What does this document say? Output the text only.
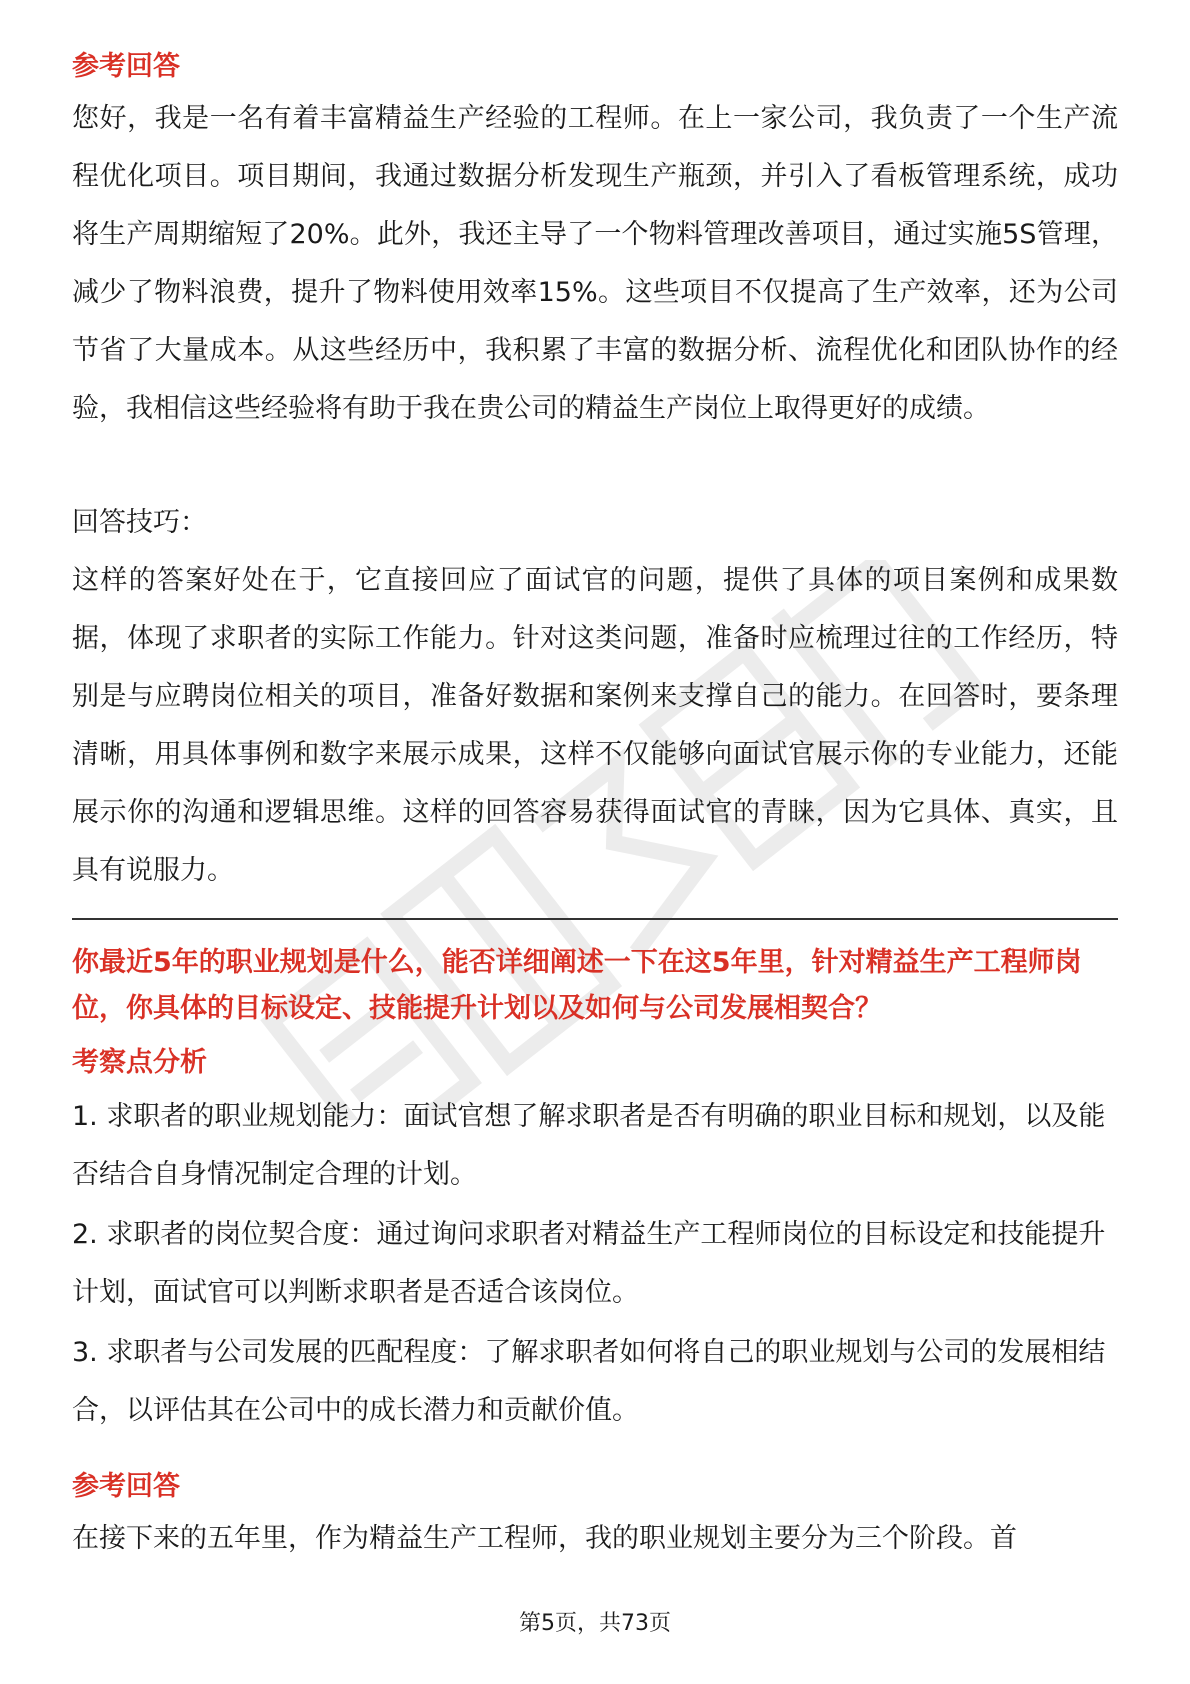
参考回答

您好，我是一名有着丰富精益生产经验的工程师。在上一家公司，我负责了一个生产流程优化项目。项目期间，我通过数据分析发现生产瓶颈，并引入了看板管理系统，成功将生产周期缩短了20%。此外，我还主导了一个物料管理改善项目，通过实施5S管理，减少了物料浪费，提升了物料使用效率15%。这些项目不仅提高了生产效率，还为公司节省了大量成本。从这些经历中，我积累了丰富的数据分析、流程优化和团队协作的经验，我相信这些经验将有助于我在贵公司的精益生产岗位上取得更好的成绩。

回答技巧：

这样的答案好处在于，它直接回应了面试官的问题，提供了具体的项目案例和成果数据，体现了求职者的实际工作能力。针对这类问题，准备时应梳理过往的工作经历，特别是与应聘岗位相关的项目，准备好数据和案例来支撑自己的能力。在回答时，要条理清晰，用具体事例和数字来展示成果，这样不仅能够向面试官展示你的专业能力，还能展示你的沟通和逻辑思维。这样的回答容易获得面试官的青睐，因为它具体、真实，且具有说服力。

你最近5年的职业规划是什么，能否详细阐述一下在这5年里，针对精益生产工程师岗位，你具体的目标设定、技能提升计划以及如何与公司发展相契合？

考察点分析

1. 求职者的职业规划能力：面试官想了解求职者是否有明确的职业目标和规划，以及能否结合自身情况制定合理的计划。

2. 求职者的岗位契合度：通过询问求职者对精益生产工程师岗位的目标设定和技能提升计划，面试官可以判断求职者是否适合该岗位。

3. 求职者与公司发展的匹配程度：了解求职者如何将自己的职业规划与公司的发展相结合，以评估其在公司中的成长潜力和贡献价值。

参考回答

在接下来的五年里，作为精益生产工程师，我的职业规划主要分为三个阶段。首

第5页，共73页
